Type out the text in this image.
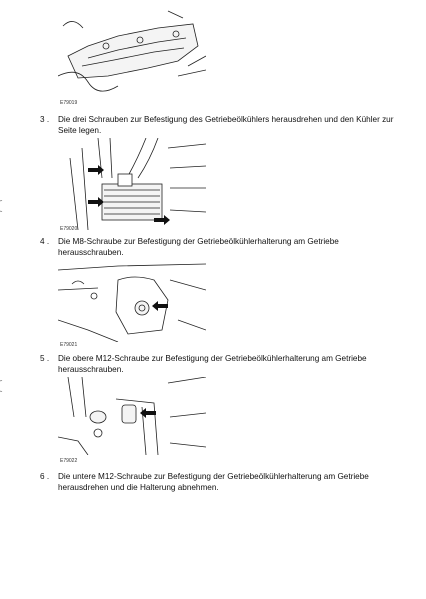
E79019
3 .	Die drei Schrauben zur Befestigung des Getriebeölkühlers herausdrehen und den Kühler zur Seite legen.
E79020
4 .	Die M8-Schraube zur Befestigung der Getriebeölkühlerhalterung am Getriebe herausschrauben.
E79021
5 .	Die obere M12-Schraube zur Befestigung der Getriebeölkühlerhalterung am Getriebe herausschrauben.
E79022
6 .	Die untere M12-Schraube zur Befestigung der Getriebeölkühlerhalterung am Getriebe herausdrehen und die Halterung abnehmen.
